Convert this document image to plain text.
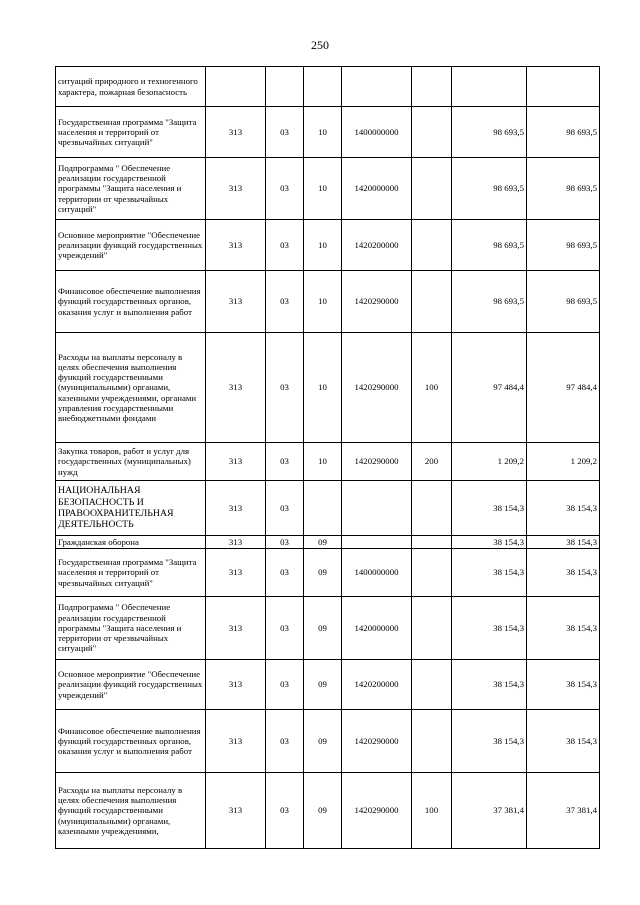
250
ситуаций природного и техногенного характера, пожарная безопасность							
Государственная программа "Защита населения и территорий от чрезвычайных ситуаций"	313	03	10	1400000000		98 693,5	98 693,5
Подпрограмма " Обеспечение реализации государственной программы "Защита населения и территории от чрезвычайных ситуаций"	313	03	10	1420000000		98 693,5	98 693,5
Основное мероприятие "Обеспечение реализации функций государственных учреждений"	313	03	10	1420200000		98 693,5	98 693,5
Финансовое обеспечение выполнения функций государственных органов, оказания услуг и выполнения работ	313	03	10	1420290000		98 693,5	98 693,5
Расходы на выплаты персоналу в целях обеспечения выполнения функций государственными (муниципальными) органами, казенными учреждениями, органами управления государственными внебюджетными фондами	313	03	10	1420290000	100	97 484,4	97 484,4
Закупка товаров, работ и услуг для государственных (муниципальных) нужд	313	03	10	1420290000	200	1 209,2	1 209,2
НАЦИОНАЛЬНАЯ БЕЗОПАСНОСТЬ И ПРАВООХРАНИТЕЛЬНАЯ ДЕЯТЕЛЬНОСТЬ	313	03				38 154,3	38 154,3
Гражданская оборона	313	03	09			38 154,3	38 154,3
Государственная программа "Защита населения и территорий от чрезвычайных ситуаций"	313	03	09	1400000000		38 154,3	38 154,3
Подпрограмма " Обеспечение реализации государственной программы "Защита населения и территории от чрезвычайных ситуаций"	313	03	09	1420000000		38 154,3	38 154,3
Основное мероприятие "Обеспечение реализации функций государственных учреждений"	313	03	09	1420200000		38 154,3	38 154,3
Финансовое обеспечение выполнения функций государственных органов, оказания услуг и выполнения работ	313	03	09	1420290000		38 154,3	38 154,3
Расходы на выплаты персоналу в целях обеспечения выполнения функций государственными (муниципальными) органами, казенными учреждениями,	313	03	09	1420290000	100	37 381,4	37 381,4
